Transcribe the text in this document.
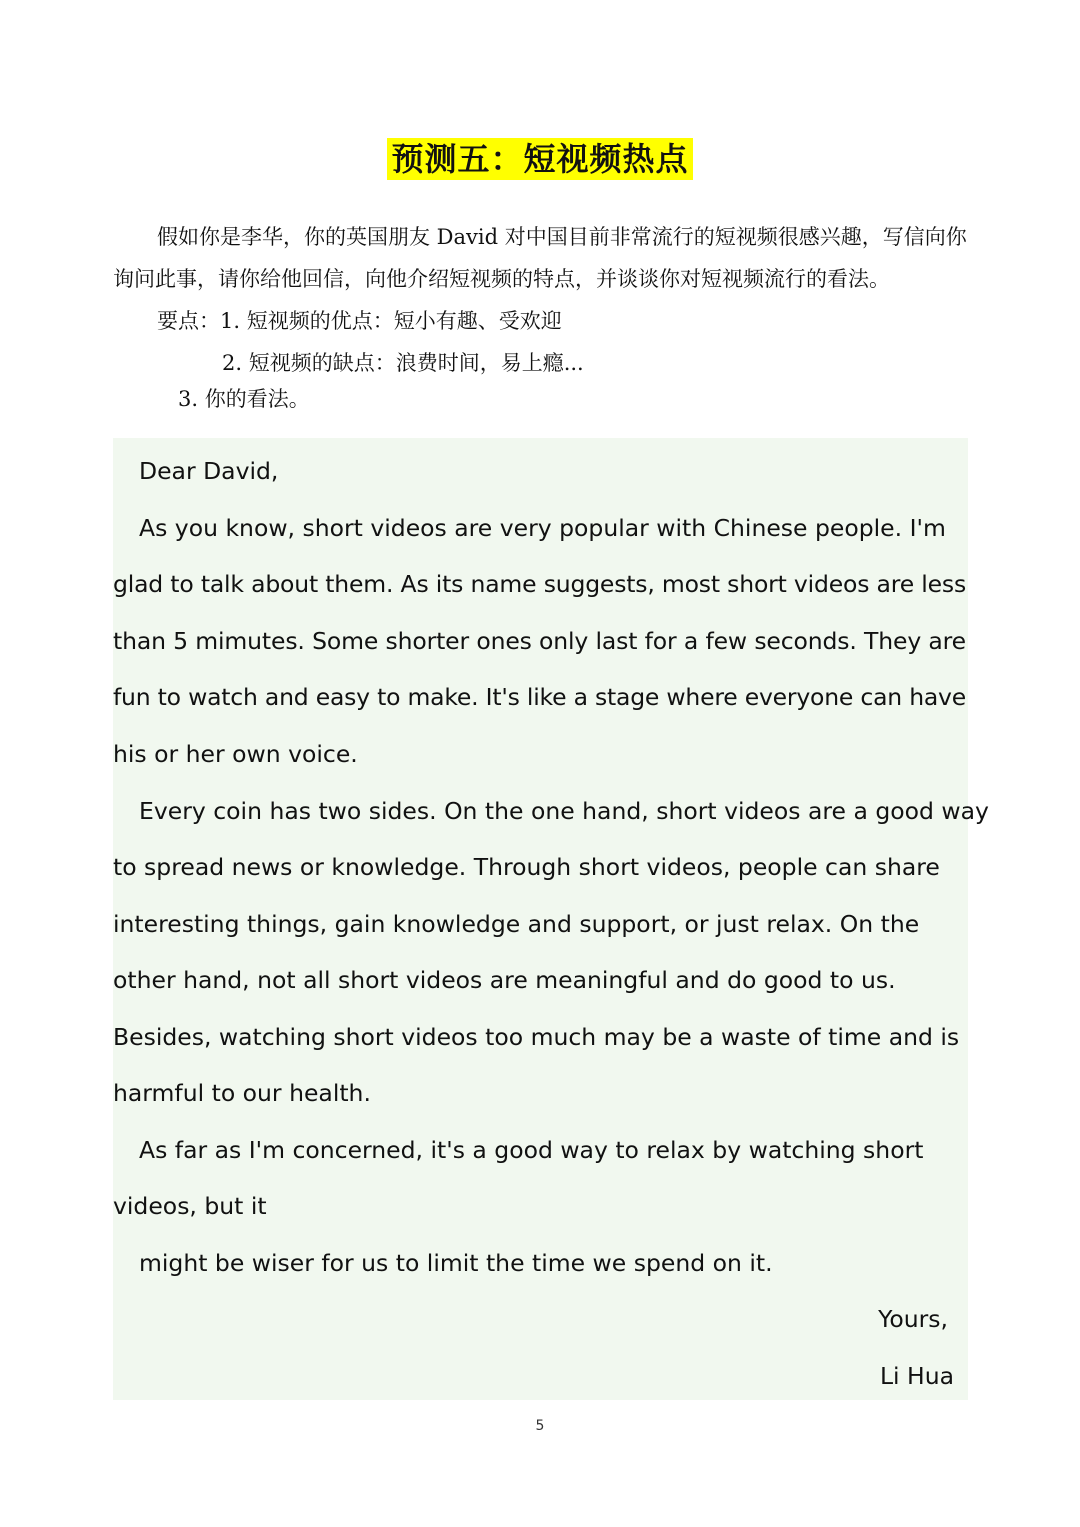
预测五：短视频热点
假如你是李华，你的英国朋友 David 对中国目前非常流行的短视频很感兴趣，写信向你询问此事，请你给他回信，向他介绍短视频的特点，并谈谈你对短视频流行的看法。
要点：1. 短视频的优点：短小有趣、受欢迎
2. 短视频的缺点：浪费时间，易上瘾...
3. 你的看法。
Dear David,
As you know, short videos are very popular with Chinese people. I'm
glad to talk about them. As its name suggests, most short videos are less
than 5 mimutes. Some shorter ones only last for a few seconds. They are
fun to watch and easy to make. It's like a stage where everyone can have
his or her own voice.
Every coin has two sides. On the one hand, short videos are a good way
to spread news or knowledge. Through short videos, people can share
interesting things, gain knowledge and support, or just relax. On the
other hand, not all short videos are meaningful and do good to us.
Besides, watching short videos too much may be a waste of time and is
harmful to our health.
As far as I'm concerned, it's a good way to relax by watching short
videos, but it
might be wiser for us to limit the time we spend on it.
Yours,
Li Hua
5
